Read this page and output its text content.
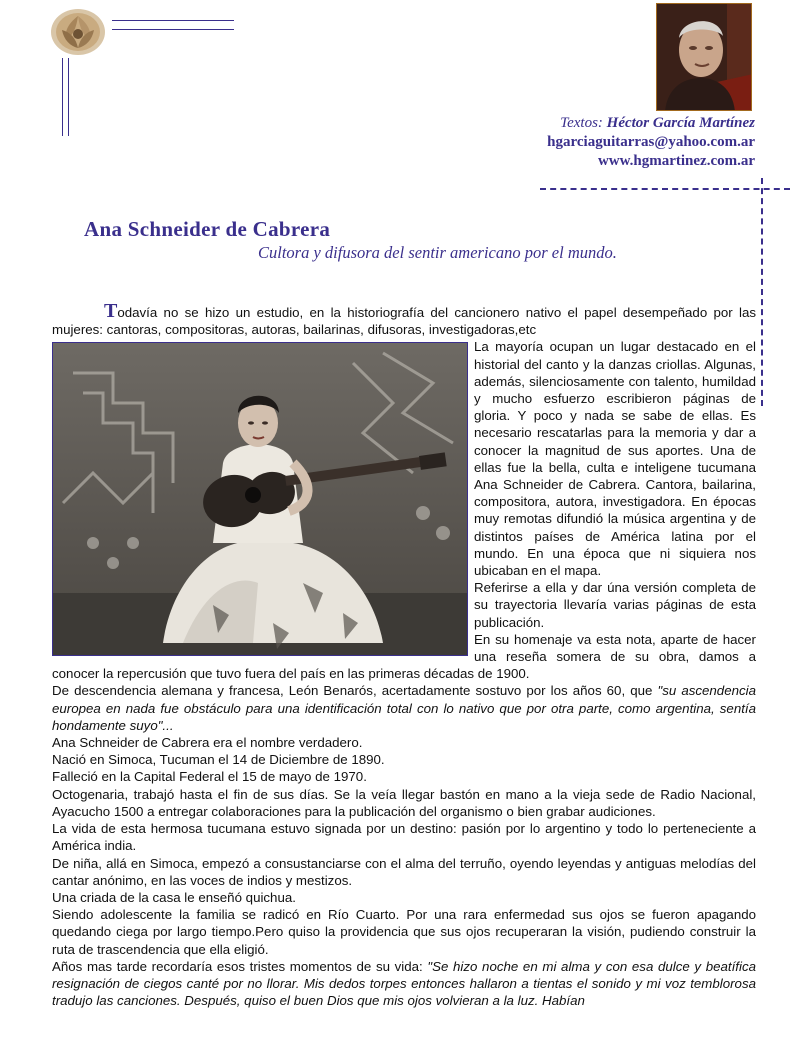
Textos: Héctor García Martínez
hgarciaguitarras@yahoo.com.ar
www.hgmartinez.com.ar
Ana Schneider de Cabrera
Cultora y difusora del sentir americano por el mundo.

Todavía no se hizo un estudio, en la historiografía del cancionero nativo el papel desempeñado por las mujeres: cantoras, compositoras, autoras, bailarinas, difusoras, investigadoras,etc

La mayoría ocupan un lugar destacado en el historial del canto y la danzas criollas. Algunas, además, silenciosamente con talento, humildad y mucho esfuerzo escribieron páginas de gloria. Y poco y nada se sabe de ellas. Es necesario rescatarlas para la memoria y dar a conocer la magnitud de sus aportes. Una de ellas fue la bella, culta e inteligene tucumana Ana Schneider de Cabrera. Cantora, bailarina, compositora, autora, investigadora. En épocas muy remotas difundió la música argentina y de distintos países de América latina por el mundo. En una época que ni siquiera nos ubicaban en el mapa.

Referirse a ella y dar úna versión completa de su trayectoria llevaría varias páginas de esta publicación.

En su homenaje va esta nota, aparte de hacer una reseña somera de su obra, damos a conocer la repercusión que tuvo fuera del país en las primeras décadas de 1900.

De descendencia alemana y francesa, León Benarós, acertadamente sostuvo por los años 60, que "su ascendencia europea en nada fue obstáculo para una identificación total con lo nativo que por otra parte, como argentina, sentía hondamente suyo"...

Ana Schneider de Cabrera era el nombre verdadero.

Nació en Simoca, Tucuman el 14 de Diciembre de 1890.

Falleció en la Capital Federal el 15 de mayo de 1970.

Octogenaria, trabajó hasta el fin de sus días. Se la veía llegar bastón en mano a la vieja sede de Radio Nacional, Ayacucho 1500 a entregar colaboraciones para la publicación del organismo o bien grabar audiciones.

La vida de esta hermosa tucumana estuvo signada por un destino: pasión por lo argentino y todo lo perteneciente a América india.

De niña, allá en Simoca, empezó a consustanciarse con el alma del terruño, oyendo leyendas y antiguas melodías del cantar anónimo, en las voces de indios y mestizos.

Una criada de la casa le enseñó quichua.

Siendo adolescente la familia se radicó en Río Cuarto. Por una rara enfermedad sus ojos se fueron apagando quedando ciega por largo tiempo.Pero quiso la providencia que sus ojos recuperaran la visión, pudiendo construir la ruta de trascendencia que ella eligió.

Años mas tarde recordaría esos tristes momentos de su vida: "Se hizo noche en mi alma y con esa dulce y beatífica resignación de ciegos canté por no llorar. Mis dedos torpes entonces hallaron a tientas el sonido y mi voz temblorosa tradujo las canciones. Después, quiso el buen Dios que mis ojos volvieran a la luz. Habían
